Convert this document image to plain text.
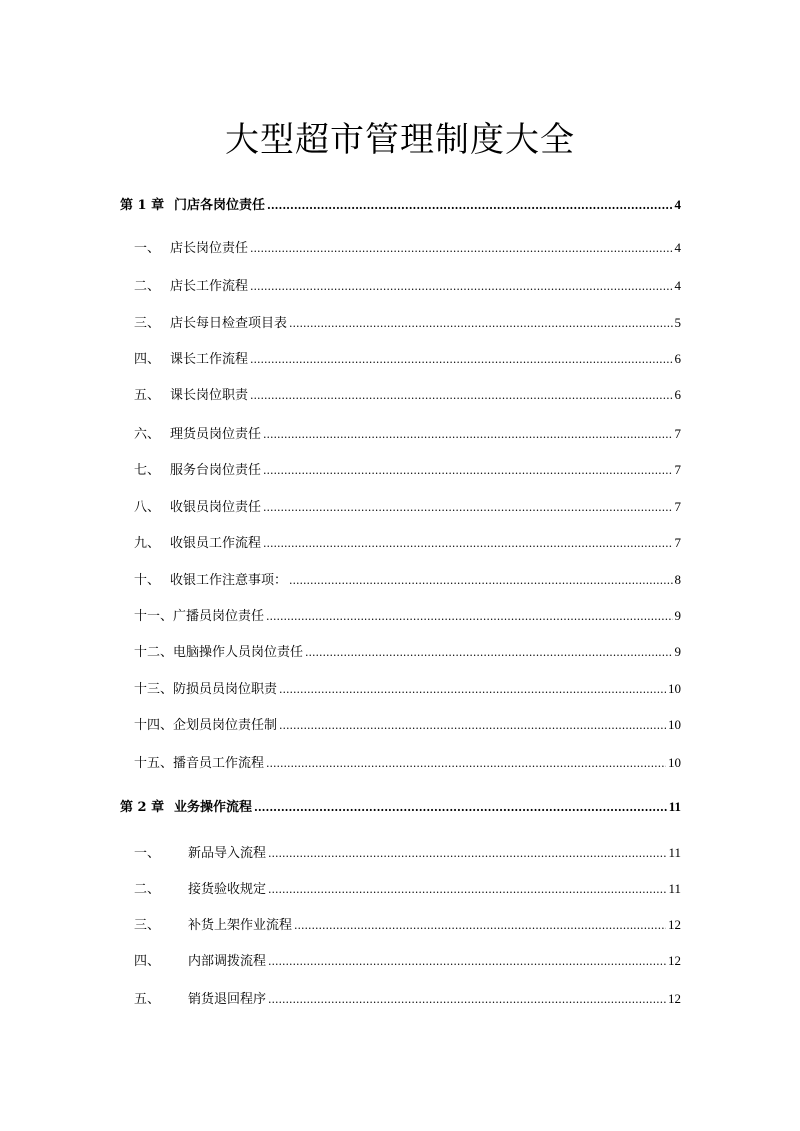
大型超市管理制度大全
第 1 章 门店各岗位责任 .....	4
一、 店长岗位责任 .....	4
二、 店长工作流程 .....	4
三、 店长每日检查项目表 .....	5
四、 课长工作流程 .....	6
五、 课长岗位职责 .....	6
六、 理货员岗位责任 .....	7
七、 服务台岗位责任 .....	7
八、 收银员岗位责任 .....	7
九、 收银员工作流程 .....	7
十、 收银工作注意事项： .....	8
十一、 广播员岗位责任 .....	9
十二、 电脑操作人员岗位责任 .....	9
十三、 防损员员岗位职责 .....	10
十四、 企划员岗位责任制 .....	10
十五、 播音员工作流程 .....	10
第 2 章 业务操作流程 .....	11
一、	新品导入流程 .....	11
二、	接货验收规定 .....	11
三、	补货上架作业流程 .....	12
四、	内部调拨流程 .....	12
五、	销货退回程序 .....	12
